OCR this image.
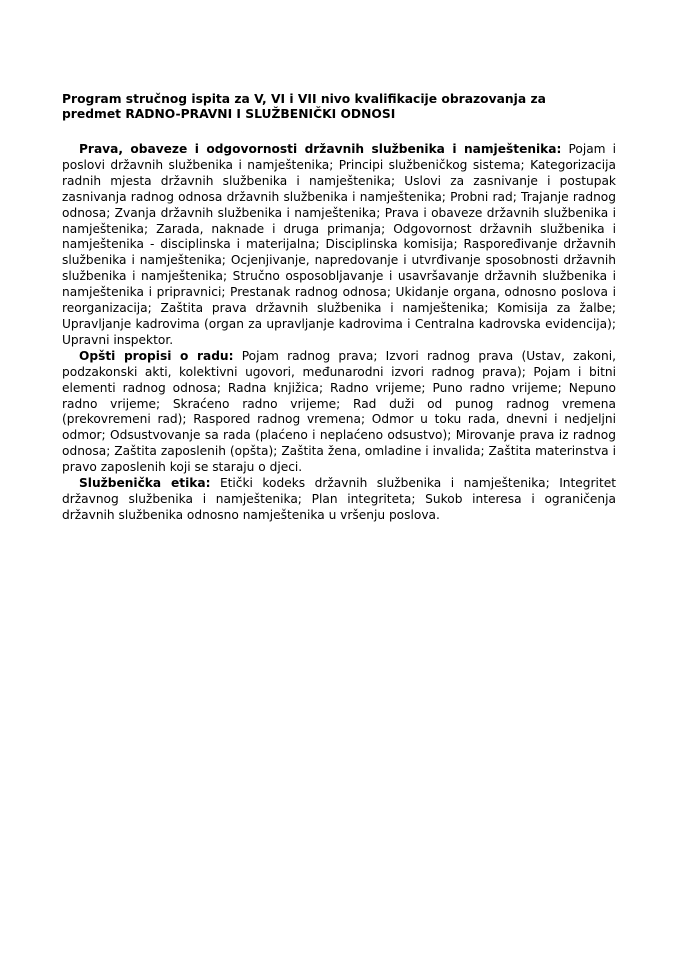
Program stručnog ispita za V, VI i VII nivo kvalifikacije obrazovanja za
predmet RADNO-PRAVNI I SLUŽBENIČKI ODNOSI

Prava, obaveze i odgovornosti državnih službenika i namještenika: Pojam i poslovi državnih službenika i namještenika; Principi službeničkog sistema; Kategorizacija radnih mjesta državnih službenika i namještenika; Uslovi za zasnivanje i postupak zasnivanja radnog odnosa državnih službenika i namještenika; Probni rad; Trajanje radnog odnosa; Zvanja državnih službenika i namještenika; Prava i obaveze državnih službenika i namještenika; Zarada, naknade i druga primanja; Odgovornost državnih službenika i namještenika - disciplinska i materijalna; Disciplinska komisija; Raspoređivanje državnih službenika i namještenika; Ocjenjivanje, napredovanje i utvrđivanje sposobnosti državnih službenika i namještenika; Stručno osposobljavanje i usavršavanje državnih službenika i namještenika i pripravnici; Prestanak radnog odnosa; Ukidanje organa, odnosno poslova i reorganizacija; Zaštita prava državnih službenika i namještenika; Komisija za žalbe; Upravljanje kadrovima (organ za upravljanje kadrovima i Centralna kadrovska evidencija); Upravni inspektor.

Opšti propisi o radu: Pojam radnog prava; Izvori radnog prava (Ustav, zakoni, podzakonski akti, kolektivni ugovori, međunarodni izvori radnog prava); Pojam i bitni elementi radnog odnosa; Radna knjižica; Radno vrijeme; Puno radno vrijeme; Nepuno radno vrijeme; Skraćeno radno vrijeme; Rad duži od punog radnog vremena (prekovremeni rad); Raspored radnog vremena; Odmor u toku rada, dnevni i nedjeljni odmor; Odsustvovanje sa rada (plaćeno i neplaćeno odsustvo); Mirovanje prava iz radnog odnosa; Zaštita zaposlenih (opšta); Zaštita žena, omladine i invalida; Zaštita materinstva i pravo zaposlenih koji se staraju o djeci.

Službenička etika: Etički kodeks državnih službenika i namještenika; Integritet državnog službenika i namještenika; Plan integriteta; Sukob interesa i ograničenja državnih službenika odnosno namještenika u vršenju poslova.
